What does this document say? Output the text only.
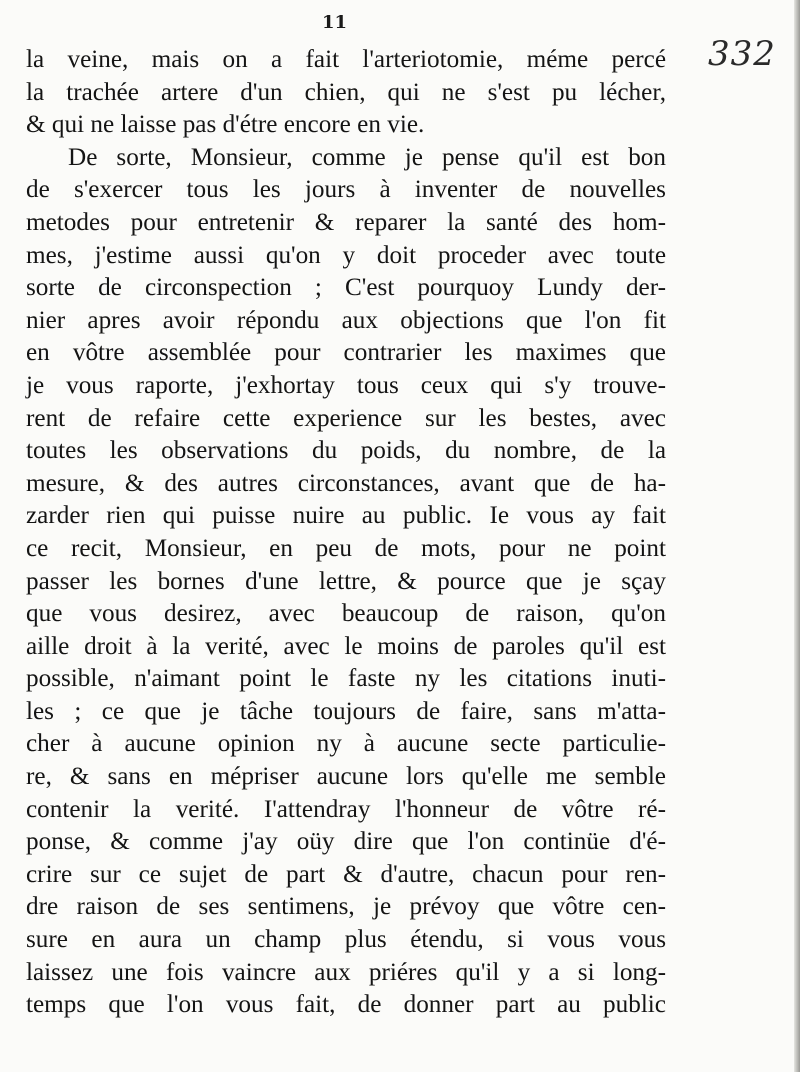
11
332
la veine, mais on a fait l'arteriotomie, méme percé
la trachée artere d'un chien, qui ne s'est pu lécher,
& qui ne laisse pas d'étre encore en vie.
De sorte, Monsieur, comme je pense qu'il est bon
de s'exercer tous les jours à inventer de nouvelles
metodes pour entretenir & reparer la santé des hom-
mes, j'estime aussi qu'on y doit proceder avec toute
sorte de circonspection ; C'est pourquoy Lundy der-
nier apres avoir répondu aux objections que l'on fit
en vôtre assemblée pour contrarier les maximes que
je vous raporte, j'exhortay tous ceux qui s'y trouve-
rent de refaire cette experience sur les bestes, avec
toutes les observations du poids, du nombre, de la
mesure, & des autres circonstances, avant que de ha-
zarder rien qui puisse nuire au public. Ie vous ay fait
ce recit, Monsieur, en peu de mots, pour ne point
passer les bornes d'une lettre, & pource que je sçay
que vous desirez, avec beaucoup de raison, qu'on
aille droit à la verité, avec le moins de paroles qu'il est
possible, n'aimant point le faste ny les citations inuti-
les ; ce que je tâche toujours de faire, sans m'atta-
cher à aucune opinion ny à aucune secte particulie-
re, & sans en mépriser aucune lors qu'elle me semble
contenir la verité. I'attendray l'honneur de vôtre ré-
ponse, & comme j'ay oüy dire que l'on continüe d'é-
crire sur ce sujet de part & d'autre, chacun pour ren-
dre raison de ses sentimens, je prévoy que vôtre cen-
sure en aura un champ plus étendu, si vous vous
laissez une fois vaincre aux priéres qu'il y a si long-
temps que l'on vous fait, de donner part au public
